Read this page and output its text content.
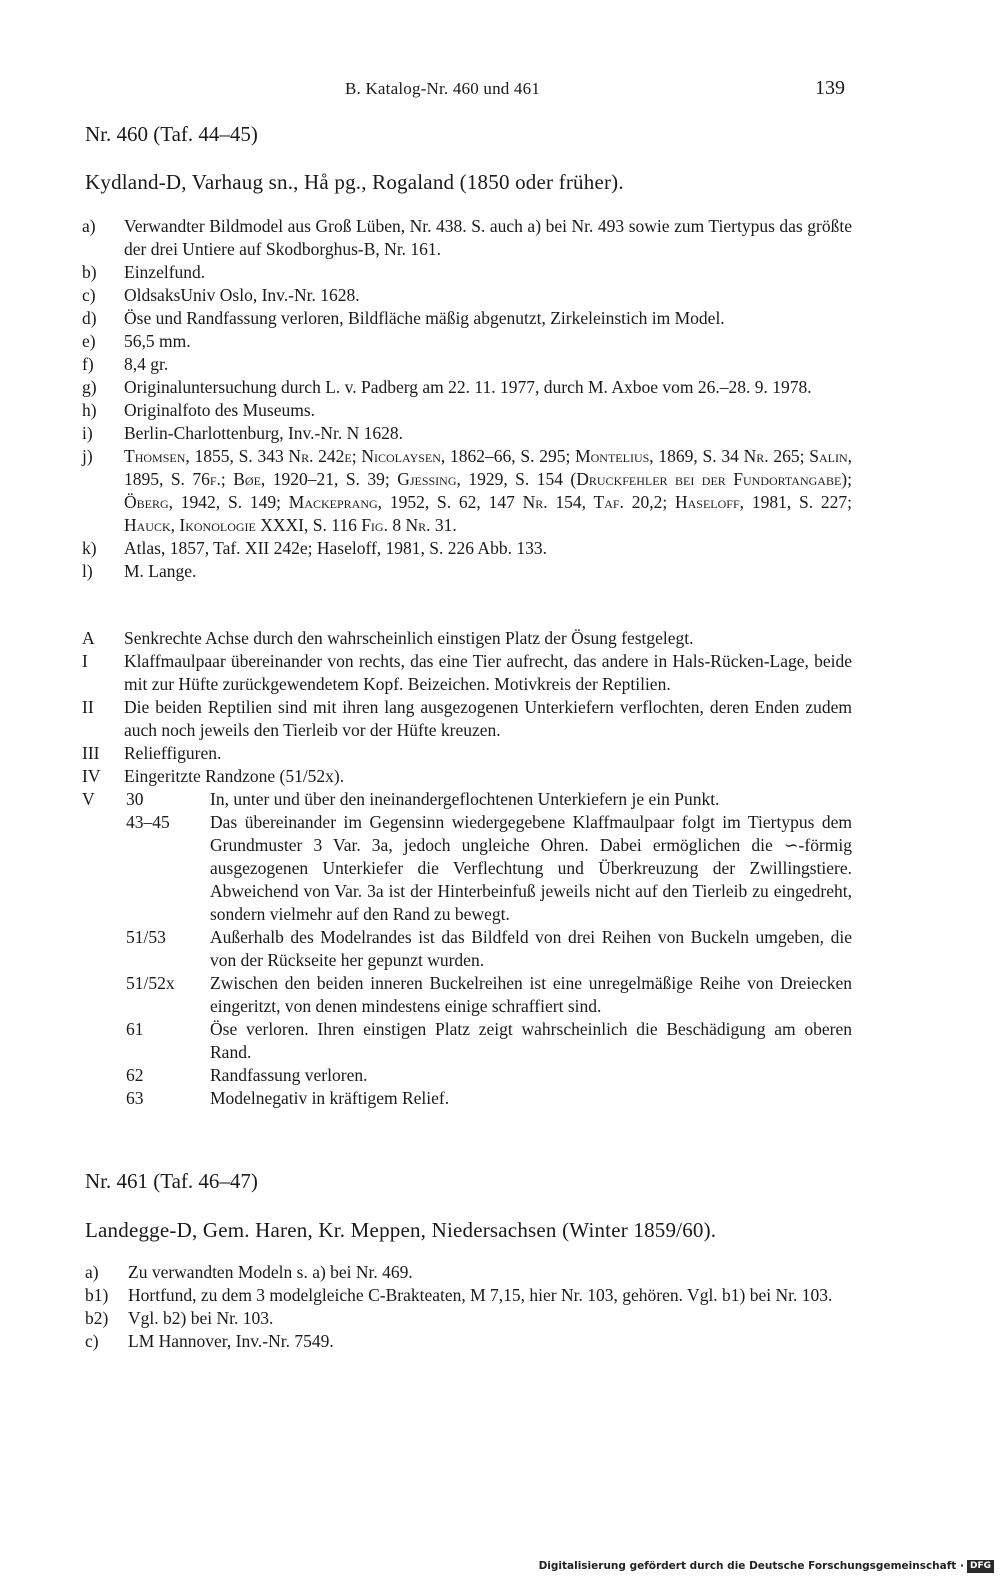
B. Katalog-Nr. 460 und 461	139
Nr. 460 (Taf. 44–45)
Kydland-D, Varhaug sn., Hå pg., Rogaland (1850 oder früher).
a)	Verwandter Bildmodel aus Groß Lüben, Nr. 438. S. auch a) bei Nr. 493 sowie zum Tiertypus das größte der drei Untiere auf Skodborghus-B, Nr. 161.
b)	Einzelfund.
c)	OldsaksUniv Oslo, Inv.-Nr. 1628.
d)	Öse und Randfassung verloren, Bildfläche mäßig abgenutzt, Zirkeleinstich im Model.
e)	56,5 mm.
f)	8,4 gr.
g)	Originaluntersuchung durch L. v. Padberg am 22. 11. 1977, durch M. Axboe vom 26.–28. 9. 1978.
h)	Originalfoto des Museums.
i)	Berlin-Charlottenburg, Inv.-Nr. N 1628.
j)	Thomsen, 1855, S. 343 Nr. 242e; Nicolaysen, 1862–66, S. 295; Montelius, 1869, S. 34 Nr. 265; Salin, 1895, S. 76f.; Bøe, 1920–21, S. 39; Gjessing, 1929, S. 154 (Druckfehler bei der Fundortangabe); Öberg, 1942, S. 149; Mackeprang, 1952, S. 62, 147 Nr. 154, Taf. 20,2; Haseloff, 1981, S. 227; Hauck, Ikonologie XXXI, S. 116 Fig. 8 Nr. 31.
k)	Atlas, 1857, Taf. XII 242e; Haseloff, 1981, S. 226 Abb. 133.
l)	M. Lange.
A	Senkrechte Achse durch den wahrscheinlich einstigen Platz der Ösung festgelegt.
I	Klaffmaulpaar übereinander von rechts, das eine Tier aufrecht, das andere in Hals-Rücken-Lage, beide mit zur Hüfte zurückgewendetem Kopf. Beizeichen. Motivkreis der Reptilien.
II	Die beiden Reptilien sind mit ihren lang ausgezogenen Unterkiefern verflochten, deren Enden zudem auch noch jeweils den Tierleib vor der Hüfte kreuzen.
III	Relieffiguren.
IV	Eingeritzte Randzone (51/52x).
V	30	In, unter und über den ineinandergeflochtenen Unterkiefern je ein Punkt.
43–45	Das übereinander im Gegensinn wiedergegebene Klaffmaulpaar folgt im Tiertypus dem Grundmuster 3 Var. 3a, jedoch ungleiche Ohren. Dabei ermöglichen die ∽-förmig ausgezogenen Unterkiefer die Verflechtung und Überkreuzung der Zwillingstiere. Abweichend von Var. 3a ist der Hinterbeinfuß jeweils nicht auf den Tierleib zu eingedreht, sondern vielmehr auf den Rand zu bewegt.
51/53	Außerhalb des Modelrandes ist das Bildfeld von drei Reihen von Buckeln umgeben, die von der Rückseite her gepunzt wurden.
51/52x	Zwischen den beiden inneren Buckelreihen ist eine unregelmäßige Reihe von Dreiecken eingeritzt, von denen mindestens einige schraffiert sind.
61	Öse verloren. Ihren einstigen Platz zeigt wahrscheinlich die Beschädigung am oberen Rand.
62	Randfassung verloren.
63	Modelnegativ in kräftigem Relief.
Nr. 461 (Taf. 46–47)
Landegge-D, Gem. Haren, Kr. Meppen, Niedersachsen (Winter 1859/60).
a)	Zu verwandten Modeln s. a) bei Nr. 469.
b1)	Hortfund, zu dem 3 modelgleiche C-Brakteaten, M 7,15, hier Nr. 103, gehören. Vgl. b1) bei Nr. 103.
b2)	Vgl. b2) bei Nr. 103.
c)	LM Hannover, Inv.-Nr. 7549.
Digitalisierung gefördert durch die Deutsche Forschungsgemeinschaft · DFG
